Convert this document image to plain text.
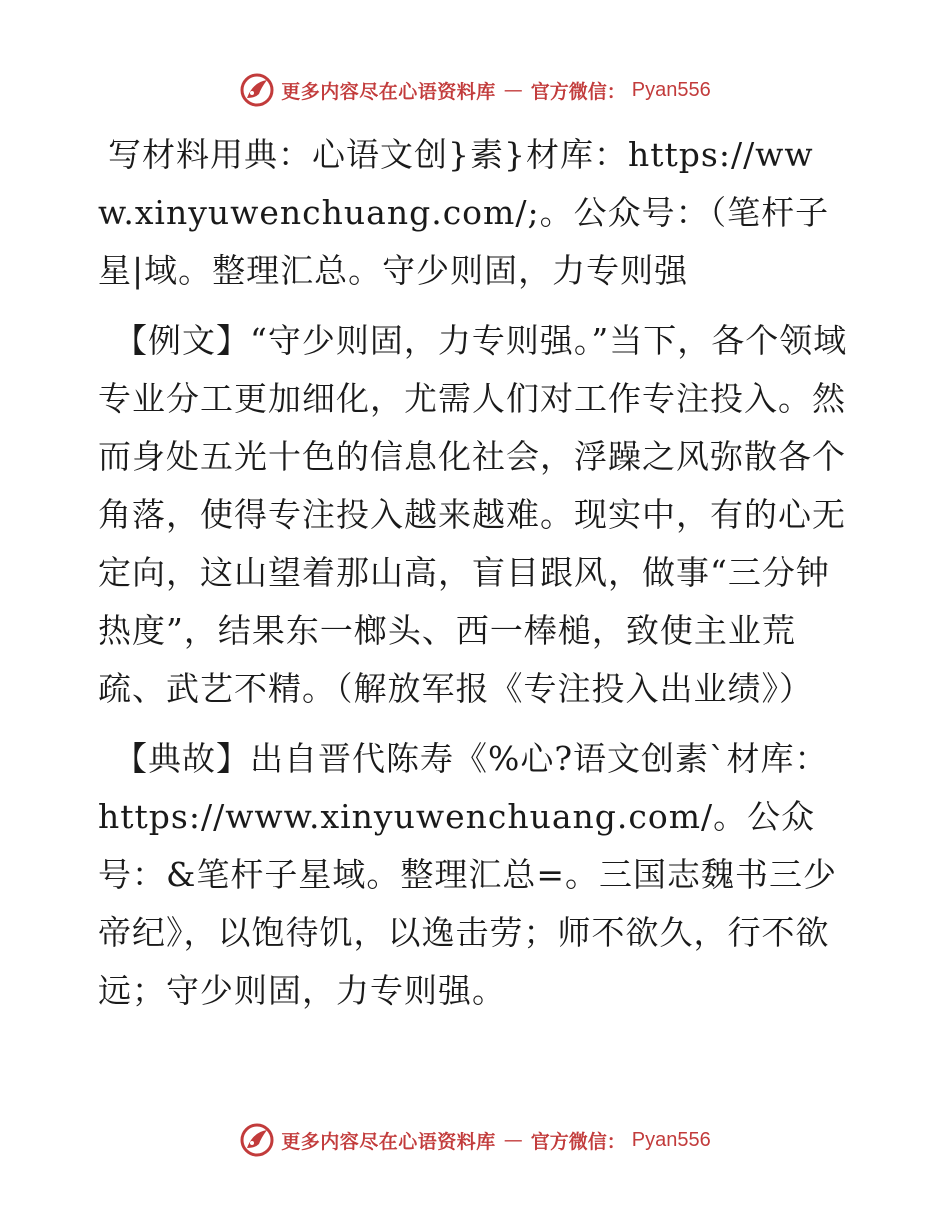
更多内容尽在心语资料库 — 官方微信： Pyan556

写材料用典：心语文创}素}材库：https://www.xinyuwenchuang.com/;。公众号：（笔杆子星|域。整理汇总。守少则固，力专则强

【例文】“守少则固，力专则强。”当下，各个领域专业分工更加细化，尤需人们对工作专注投入。然而身处五光十色的信息化社会，浮躁之风弥散各个角落，使得专注投入越来越难。现实中，有的心无定向，这山望着那山高，盲目跟风，做事“三分钟热度”，结果东一榔头、西一棒槌，致使主业荒疏、武艺不精。（解放军报《专注投入出业绩》）

【典故】出自晋代陈寿《%心?语文创素`材库：https://www.xinyuwenchuang.com/。公众号：&笔杆子星域。整理汇总=。三国志魏书三少帝纪》，以饱待饥，以逸击劳；师不欲久，行不欲远；守少则固，力专则强。

更多内容尽在心语资料库 — 官方微信： Pyan556
